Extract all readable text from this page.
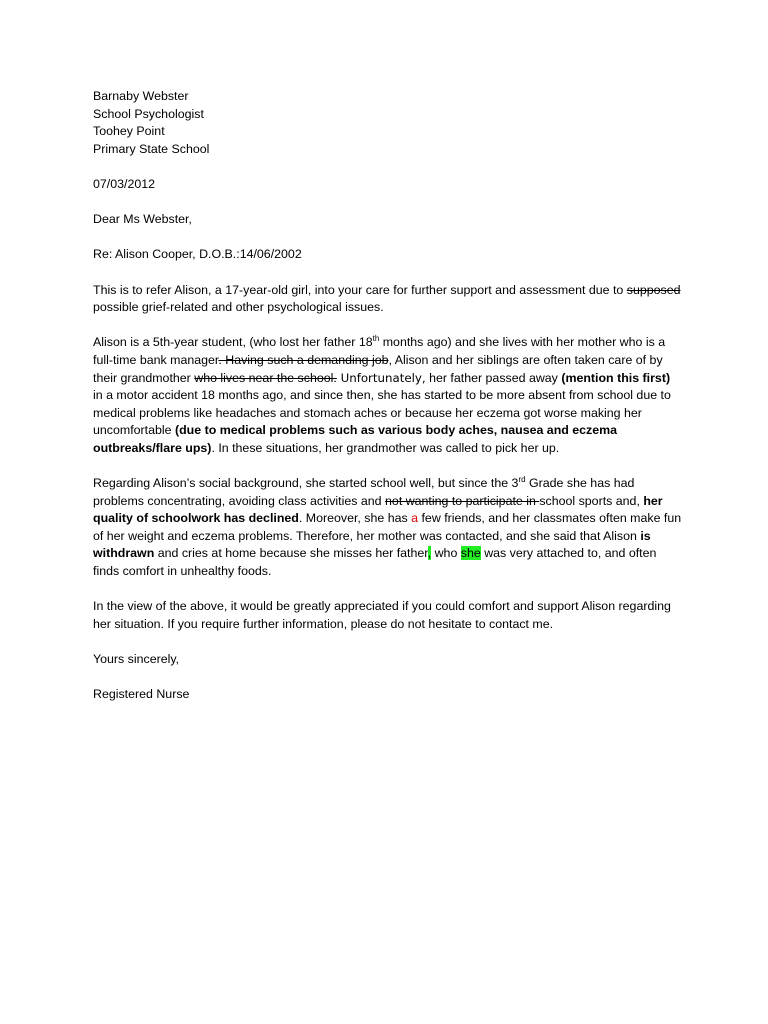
Barnaby Webster
School Psychologist
Toohey Point
Primary State School
07/03/2012
Dear Ms Webster,
Re: Alison Cooper, D.O.B.:14/06/2002

This is to refer Alison, a 17-year-old girl, into your care for further support and assessment due to supposed possible grief-related and other psychological issues.

Alison is a 5th-year student, (who lost her father 18th months ago) and she lives with her mother who is a full-time bank manager. Having such a demanding job, Alison and her siblings are often taken care of by their grandmother who lives near the school. Unfortunately, her father passed away (mention this first) in a motor accident 18 months ago, and since then, she has started to be more absent from school due to medical problems like headaches and stomach aches or because her eczema got worse making her uncomfortable (due to medical problems such as various body aches, nausea and eczema outbreaks/flare ups). In these situations, her grandmother was called to pick her up.

Regarding Alison’s social background, she started school well, but since the 3rd Grade she has had problems concentrating, avoiding class activities and not wanting to participate in school sports and, her quality of schoolwork has declined. Moreover, she has a few friends, and her classmates often make fun of her weight and eczema problems. Therefore, her mother was contacted, and she said that Alison is withdrawn and cries at home because she misses her father, who she was very attached to, and often finds comfort in unhealthy foods.

In the view of the above, it would be greatly appreciated if you could comfort and support Alison regarding her situation. If you require further information, please do not hesitate to contact me.

Yours sincerely,
Registered Nurse
